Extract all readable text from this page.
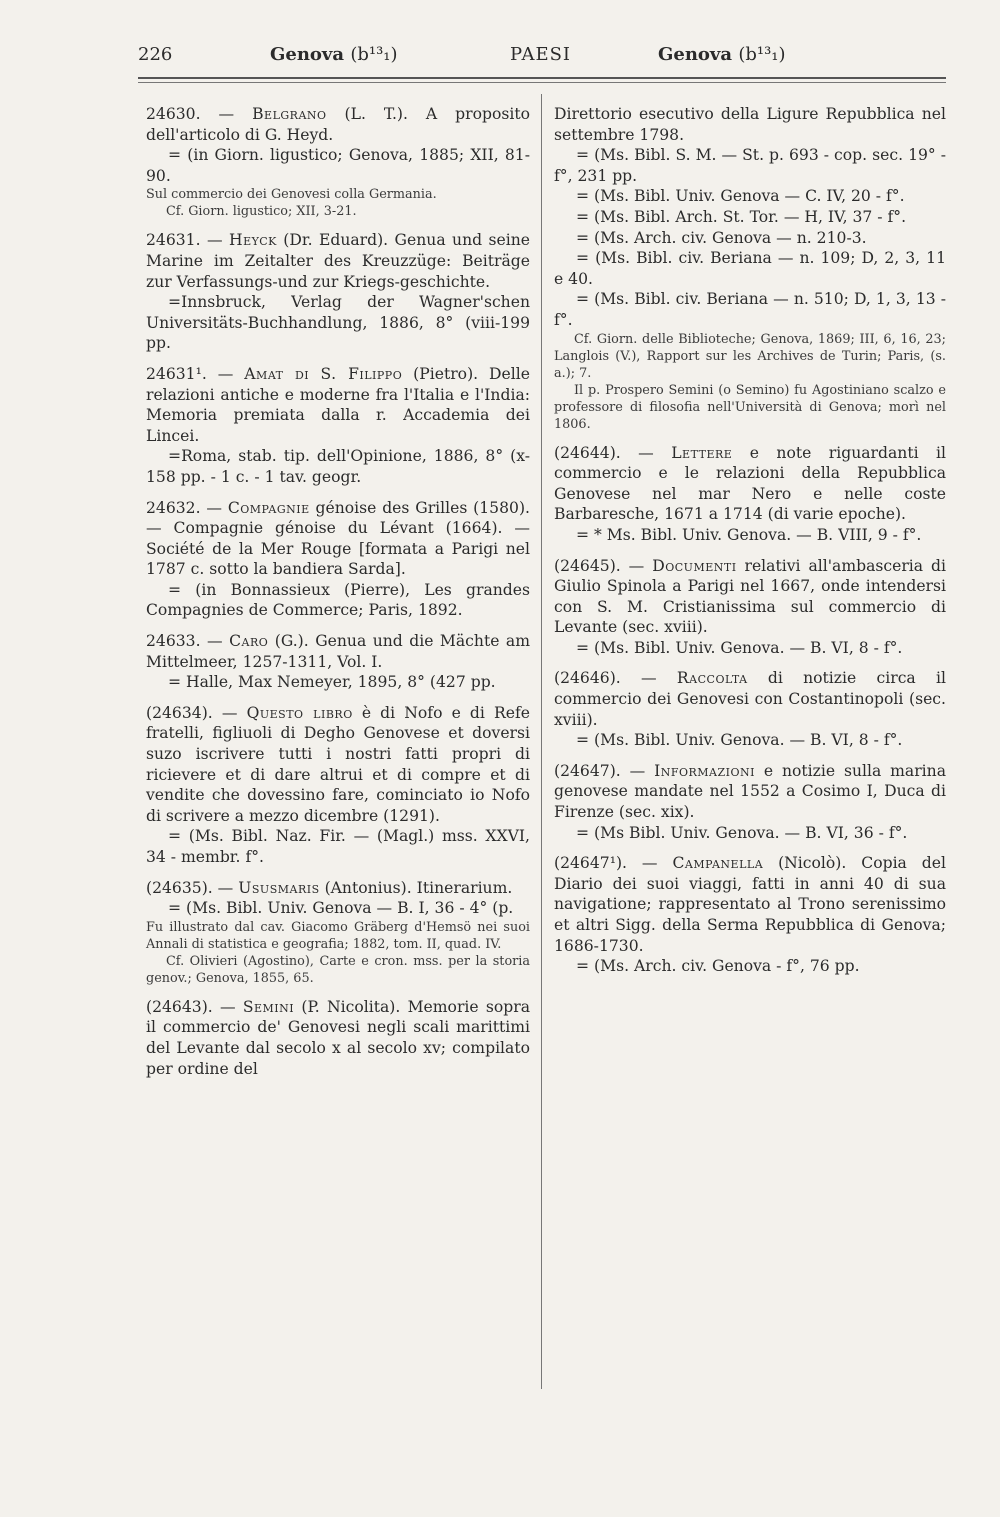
226	Genova (b¹³₁)	PAESI	Genova (b¹³₁)

24630. — Belgrano (L. T.). A proposito dell'articolo di G. Heyd.

= (in Giorn. ligustico; Genova, 1885; XII, 81-90.

Sul commercio dei Genovesi colla Germania.

Cf. Giorn. ligustico; XII, 3-21.

24631. — Heyck (Dr. Eduard). Genua und seine Marine im Zeitalter des Kreuzzüge: Beiträge zur Verfassungs-und zur Kriegs-geschichte.

=Innsbruck, Verlag der Wagner'schen Universitäts-Buchhandlung, 1886, 8° (viii-199 pp.

24631¹. — Amat di S. Filippo (Pietro). Delle relazioni antiche e moderne fra l'Italia e l'India: Memoria premiata dalla r. Accademia dei Lincei.

=Roma, stab. tip. dell'Opinione, 1886, 8° (x-158 pp. - 1 c. - 1 tav. geogr.

24632. — Compagnie génoise des Grilles (1580). — Compagnie génoise du Lévant (1664). — Société de la Mer Rouge [formata a Parigi nel 1787 c. sotto la bandiera Sarda].

= (in Bonnassieux (Pierre), Les grandes Compagnies de Commerce; Paris, 1892.

24633. — Caro (G.). Genua und die Mächte am Mittelmeer, 1257-1311, Vol. I.

= Halle, Max Nemeyer, 1895, 8° (427 pp.

(24634). — Questo libro è di Nofo e di Refe fratelli, figliuoli di Degho Genovese et doversi suzo iscrivere tutti i nostri fatti propri di ricievere et di dare altrui et di compre et di vendite che dovessino fare, cominciato io Nofo di scrivere a mezzo dicembre (1291).

= (Ms. Bibl. Naz. Fir. — (Magl.) mss. XXVI, 34 - membr. f°.

(24635). — Ususmaris (Antonius). Itinerarium.

= (Ms. Bibl. Univ. Genova — B. I, 36 - 4° (p.

Fu illustrato dal cav. Giacomo Gräberg d'Hemsö nei suoi Annali di statistica e geografia; 1882, tom. II, quad. IV.

Cf. Olivieri (Agostino), Carte e cron. mss. per la storia genov.; Genova, 1855, 65.

(24643). — Semini (P. Nicolita). Memorie sopra il commercio de' Genovesi negli scali marittimi del Levante dal secolo x al secolo xv; compilato per ordine del

Direttorio esecutivo della Ligure Repubblica nel settembre 1798.

= (Ms. Bibl. S. M. — St. p. 693 - cop. sec. 19° - f°, 231 pp.

= (Ms. Bibl. Univ. Genova — C. IV, 20 - f°.

= (Ms. Bibl. Arch. St. Tor. — H, IV, 37 - f°.

= (Ms. Arch. civ. Genova — n. 210-3.

= (Ms. Bibl. civ. Beriana — n. 109; D, 2, 3, 11 e 40.

= (Ms. Bibl. civ. Beriana — n. 510; D, 1, 3, 13 - f°.

Cf. Giorn. delle Biblioteche; Genova, 1869; III, 6, 16, 23; Langlois (V.), Rapport sur les Archives de Turin; Paris, (s. a.); 7.

Il p. Prospero Semini (o Semino) fu Agostiniano scalzo e professore di filosofia nell'Università di Genova; morì nel 1806.

(24644). — Lettere e note riguardanti il commercio e le relazioni della Repubblica Genovese nel mar Nero e nelle coste Barbaresche, 1671 a 1714 (di varie epoche).

= * Ms. Bibl. Univ. Genova. — B. VIII, 9 - f°.

(24645). — Documenti relativi all'ambasceria di Giulio Spinola a Parigi nel 1667, onde intendersi con S. M. Cristianissima sul commercio di Levante (sec. xviii).

= (Ms. Bibl. Univ. Genova. — B. VI, 8 - f°.

(24646). — Raccolta di notizie circa il commercio dei Genovesi con Costantinopoli (sec. xviii).

= (Ms. Bibl. Univ. Genova. — B. VI, 8 - f°.

(24647). — Informazioni e notizie sulla marina genovese mandate nel 1552 a Cosimo I, Duca di Firenze (sec. xix).

= (Ms Bibl. Univ. Genova. — B. VI, 36 - f°.

(24647¹). — Campanella (Nicolò). Copia del Diario dei suoi viaggi, fatti in anni 40 di sua navigatione; rappresentato al Trono serenissimo et altri Sigg. della Serma Repubblica di Genova; 1686-1730.

= (Ms. Arch. civ. Genova - f°, 76 pp.
